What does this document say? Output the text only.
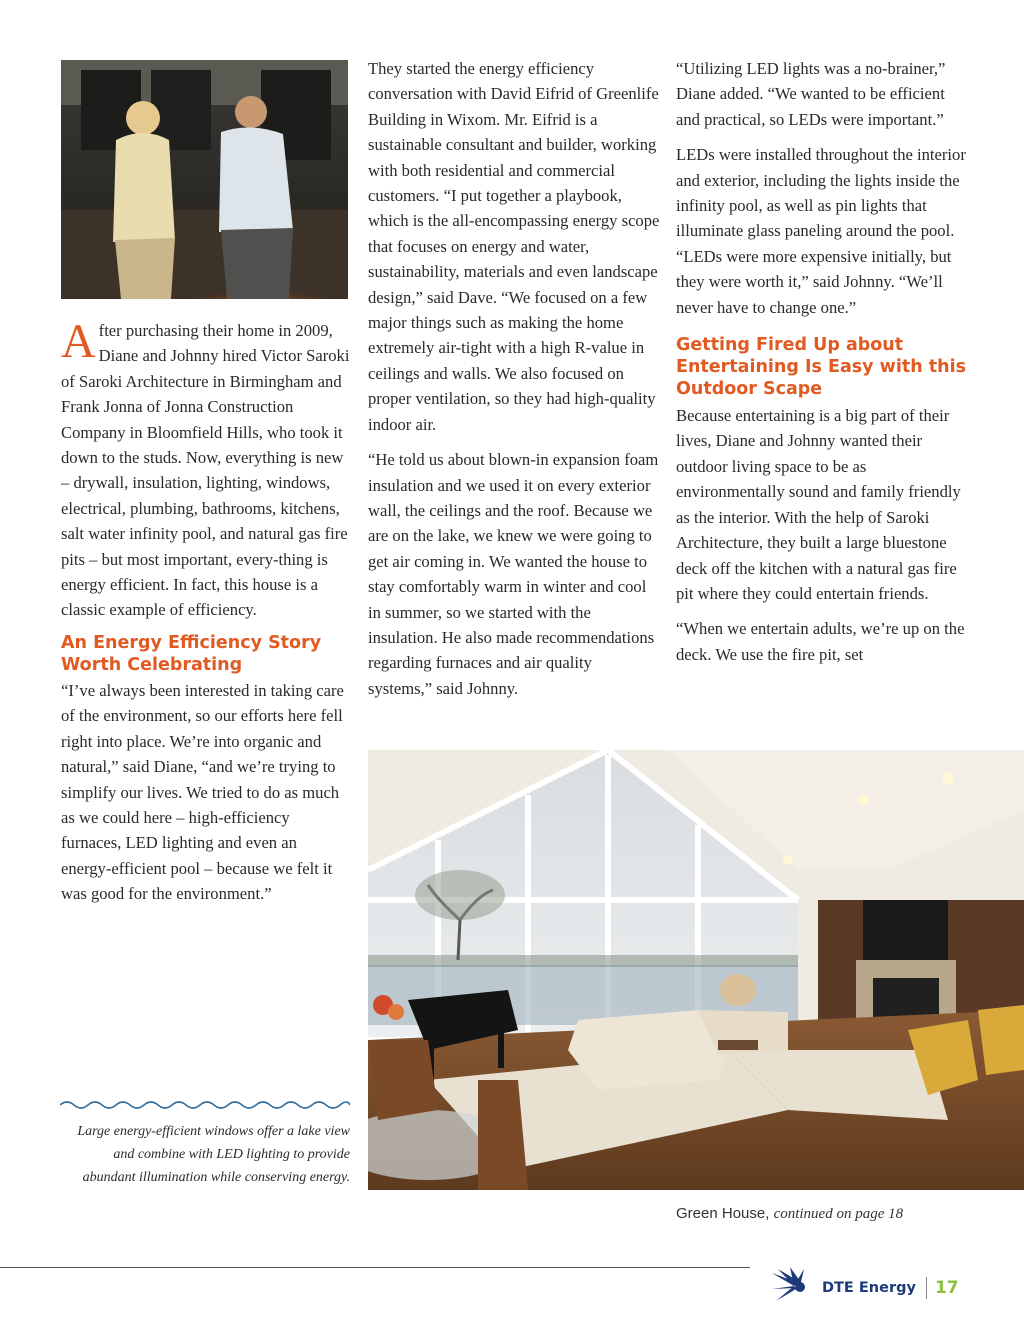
After purchasing their home in 2009, Diane and Johnny hired Victor Saroki of Saroki Architecture in Birmingham and Frank Jonna of Jonna Construction Company in Bloomfield Hills, who took it down to the studs. Now, everything is new – drywall, insulation, lighting, windows, electrical, plumbing, bathrooms, kitchens, salt water infinity pool, and natural gas fire pits – but most important, every-thing is energy efficient. In fact, this house is a classic example of efficiency.

An Energy Efficiency Story Worth Celebrating

“I’ve always been interested in taking care of the environment, so our efforts here fell right into place. We’re into organic and natural,” said Diane, “and we’re trying to simplify our lives. We tried to do as much as we could here – high-efficiency furnaces, LED lighting and even an energy-efficient pool – because we felt it was good for the environment.”

They started the energy efficiency conversation with David Eifrid of Greenlife Building in Wixom. Mr. Eifrid is a sustainable consultant and builder, working with both residential and commercial customers. “I put together a playbook, which is the all-encompassing energy scope that focuses on energy and water, sustainability, materials and even landscape design,” said Dave. “We focused on a few major things such as making the home extremely air-tight with a high R-value in ceilings and walls. We also focused on proper ventilation, so they had high-quality indoor air.

“He told us about blown-in expansion foam insulation and we used it on every exterior wall, the ceilings and the roof. Because we are on the lake, we knew we were going to get air coming in. We wanted the house to stay comfortably warm in winter and cool in summer, so we started with the insulation. He also made recommendations regarding furnaces and air quality systems,” said Johnny.

“Utilizing LED lights was a no-brainer,” Diane added. “We wanted to be efficient and practical, so LEDs were important.”

LEDs were installed throughout the interior and exterior, including the lights inside the infinity pool, as well as pin lights that illuminate glass paneling around the pool. “LEDs were more expensive initially, but they were worth it,” said Johnny. “We’ll never have to change one.”

Getting Fired Up about Entertaining Is Easy with this Outdoor Scape

Because entertaining is a big part of their lives, Diane and Johnny wanted their outdoor living space to be as environmentally sound and family friendly as the interior. With the help of Saroki Architecture, they built a large bluestone deck off the kitchen with a natural gas fire pit where they could entertain friends.

“When we entertain adults, we’re up on the deck. We use the fire pit, set

Large energy-efficient windows offer a lake view and combine with LED lighting to provide abundant illumination while conserving energy.
Green House, continued on page 18
DTE Energy 17
